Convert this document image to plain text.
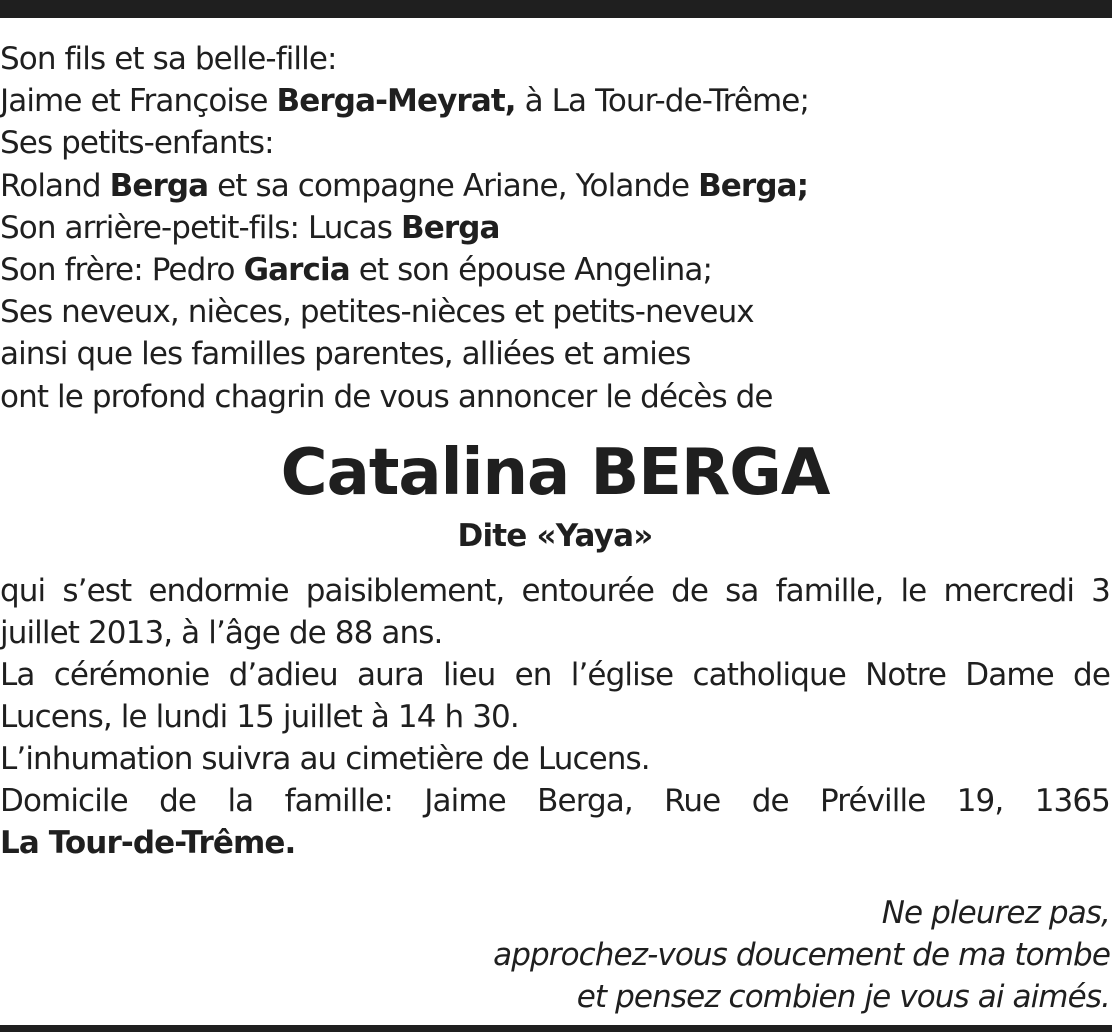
Son fils et sa belle-fille:
Jaime et Françoise Berga-Meyrat, à La Tour-de-Trême;
Ses petits-enfants:
Roland Berga et sa compagne Ariane, Yolande Berga;
Son arrière-petit-fils: Lucas Berga
Son frère: Pedro Garcia et son épouse Angelina;
Ses neveux, nièces, petites-nièces et petits-neveux
ainsi que les familles parentes, alliées et amies
ont le profond chagrin de vous annoncer le décès de
Catalina BERGA
Dite «Yaya»
qui s’est endormie paisiblement, entourée de sa famille, le mercredi 3 juillet 2013, à l’âge de 88 ans.
La cérémonie d’adieu aura lieu en l’église catholique Notre Dame de Lucens, le lundi 15 juillet à 14 h 30.
L’inhumation suivra au cimetière de Lucens.
Domicile de la famille: Jaime Berga, Rue de Préville 19, 1365 La Tour-de-Trême.
Ne pleurez pas,
approchez-vous doucement de ma tombe
et pensez combien je vous ai aimés.
